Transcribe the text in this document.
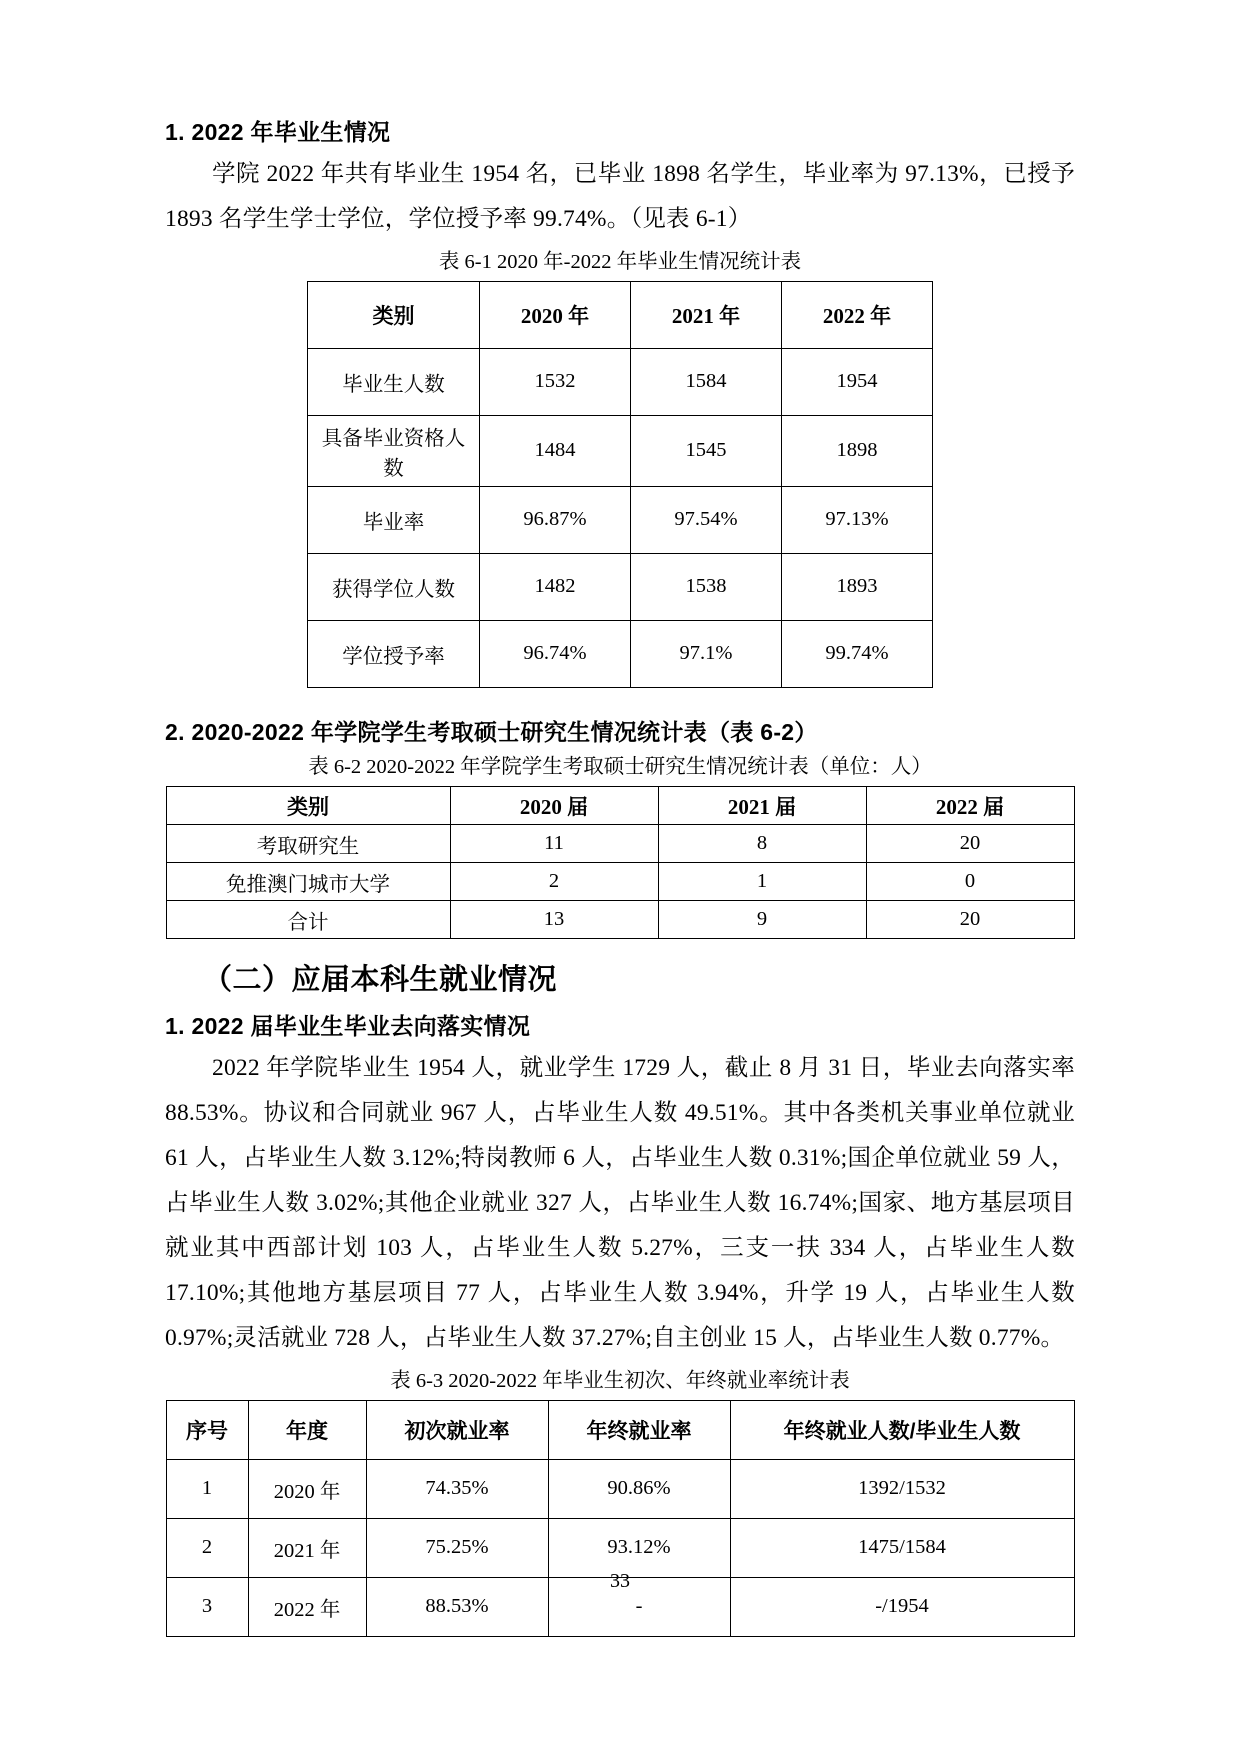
1. 2022 年毕业生情况

学院 2022 年共有毕业生 1954 名，已毕业 1898 名学生，毕业率为 97.13%，已授予 1893 名学生学士学位，学位授予率 99.74%。（见表 6-1）

表 6-1 2020 年-2022 年毕业生情况统计表
类别	2020 年	2021 年	2022 年
毕业生人数	1532	1584	1954
具备毕业资格人数	1484	1545	1898
毕业率	96.87%	97.54%	97.13%
获得学位人数	1482	1538	1893
学位授予率	96.74%	97.1%	99.74%
2. 2020-2022 年学院学生考取硕士研究生情况统计表（表 6-2）
表 6-2 2020-2022 年学院学生考取硕士研究生情况统计表（单位：人）
类别	2020 届	2021 届	2022 届
考取研究生	11	8	20
免推澳门城市大学	2	1	0
合计	13	9	20
（二）应届本科生就业情况
1. 2022 届毕业生毕业去向落实情况

2022 年学院毕业生 1954 人，就业学生 1729 人，截止 8 月 31 日，毕业去向落实率 88.53%。协议和合同就业 967 人，占毕业生人数 49.51%。其中各类机关事业单位就业 61 人，占毕业生人数 3.12%;特岗教师 6 人，占毕业生人数 0.31%;国企单位就业 59 人，占毕业生人数 3.02%;其他企业就业 327 人，占毕业生人数 16.74%;国家、地方基层项目就业其中西部计划 103 人，占毕业生人数 5.27%，三支一扶 334 人，占毕业生人数 17.10%;其他地方基层项目 77 人，占毕业生人数 3.94%，升学 19 人，占毕业生人数 0.97%;灵活就业 728 人，占毕业生人数 37.27%;自主创业 15 人，占毕业生人数 0.77%。

表 6-3 2020-2022 年毕业生初次、年终就业率统计表
序号	年度	初次就业率	年终就业率	年终就业人数/毕业生人数
1	2020 年	74.35%	90.86%	1392/1532
2	2021 年	75.25%	93.12%	1475/1584
3	2022 年	88.53%	-	-/1954
33
